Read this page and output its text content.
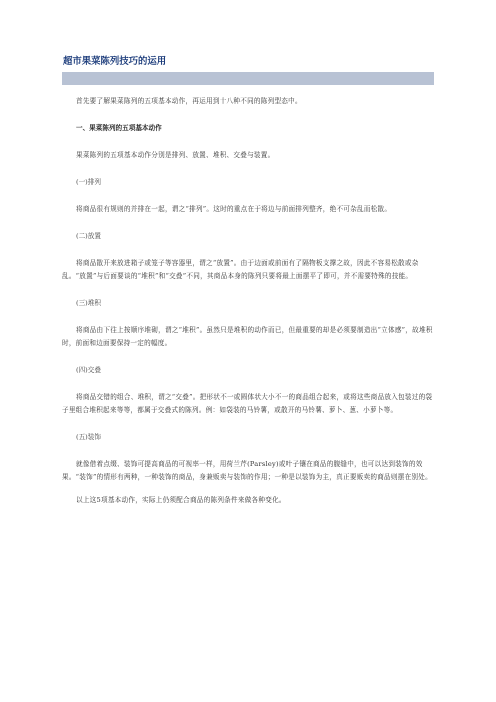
超市果菜陈列技巧的运用

首先要了解果菜陈列的五项基本动作，再运用到十八种不同的陈列型态中。

一、果菜陈列的五项基本动作

果菜陈列的五项基本动作分别是排列、放置、堆积、交叠与装置。

(一)排列

将商品很有规则的并排在一起，谓之“排列”。这时的重点在于将边与前面排列整齐，绝不可杂乱而松散。

(二)放置

将商品散开来放进箱子或笼子等容器里，谓之“放置”。由于边面或前面有了隔物板支撑之故，因此不容易松散或杂乱。“放置”与后面要谈的“堆积”和“交叠”不同，其商品本身的陈列只要将最上面摆平了即可，并不需要特殊的技能。

(三)堆积

将商品由下往上按顺序堆砌，谓之“堆积”。虽然只是堆积的动作而已，但最重要的却是必须要制造出“立体感”，故堆积时，前面和边面要保持一定的幅度。

(四)交叠

将商品交错的组合、堆积，谓之“交叠”。把形状不一或圆体状大小不一的商品组合起来，或将这些商品放入包装过的袋子里组合堆积起来等等，都属于交叠式的陈列。例：如袋装的马铃薯，或散开的马铃薯、萝卜、葱、小萝卜等。

(五)装饰

就像借着点缀、装饰可提高商品的可视率一样，用荷兰芹(Parsley)或叶子镶在商品的腹缝中，也可以达到装饰的效果。“装饰”的情形有两种，一种装饰的商品，身兼贩卖与装饰的作用；一种是以装饰为主，真正要贩卖的商品则摆在别处。

以上这5项基本动作，实际上仍须配合商品的陈列条件来做各种变化。
